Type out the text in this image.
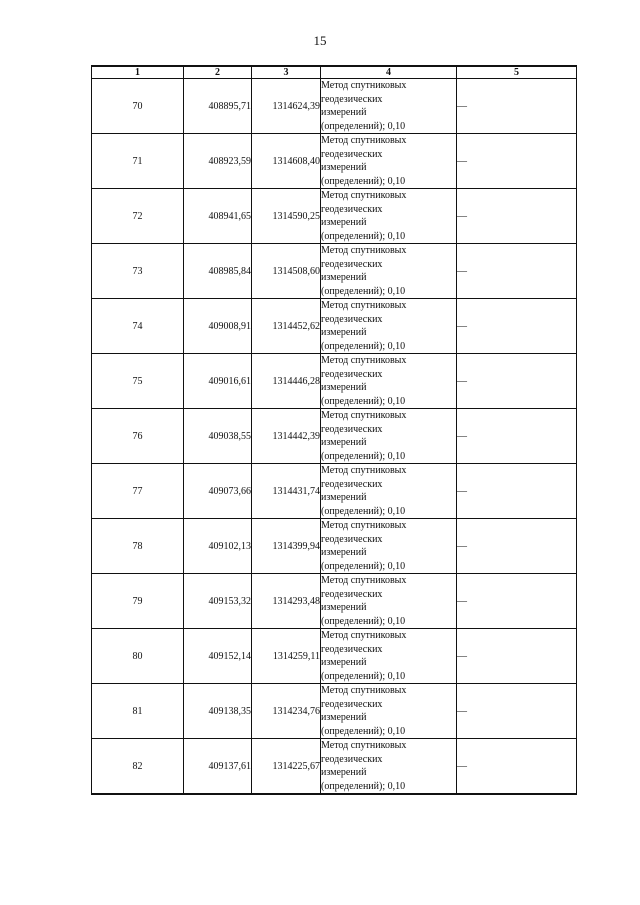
15
1	2	3	4	5
70	408895,71	1314624,39	Метод спутниковых
геодезических
измерений
(определений); 0,10	—
71	408923,59	1314608,40	Метод спутниковых
геодезических
измерений
(определений); 0,10	—
72	408941,65	1314590,25	Метод спутниковых
геодезических
измерений
(определений); 0,10	—
73	408985,84	1314508,60	Метод спутниковых
геодезических
измерений
(определений); 0,10	—
74	409008,91	1314452,62	Метод спутниковых
геодезических
измерений
(определений); 0,10	—
75	409016,61	1314446,28	Метод спутниковых
геодезических
измерений
(определений); 0,10	—
76	409038,55	1314442,39	Метод спутниковых
геодезических
измерений
(определений); 0,10	—
77	409073,66	1314431,74	Метод спутниковых
геодезических
измерений
(определений); 0,10	—
78	409102,13	1314399,94	Метод спутниковых
геодезических
измерений
(определений); 0,10	—
79	409153,32	1314293,48	Метод спутниковых
геодезических
измерений
(определений); 0,10	—
80	409152,14	1314259,11	Метод спутниковых
геодезических
измерений
(определений); 0,10	—
81	409138,35	1314234,76	Метод спутниковых
геодезических
измерений
(определений); 0,10	—
82	409137,61	1314225,67	Метод спутниковых
геодезических
измерений
(определений); 0,10	—
